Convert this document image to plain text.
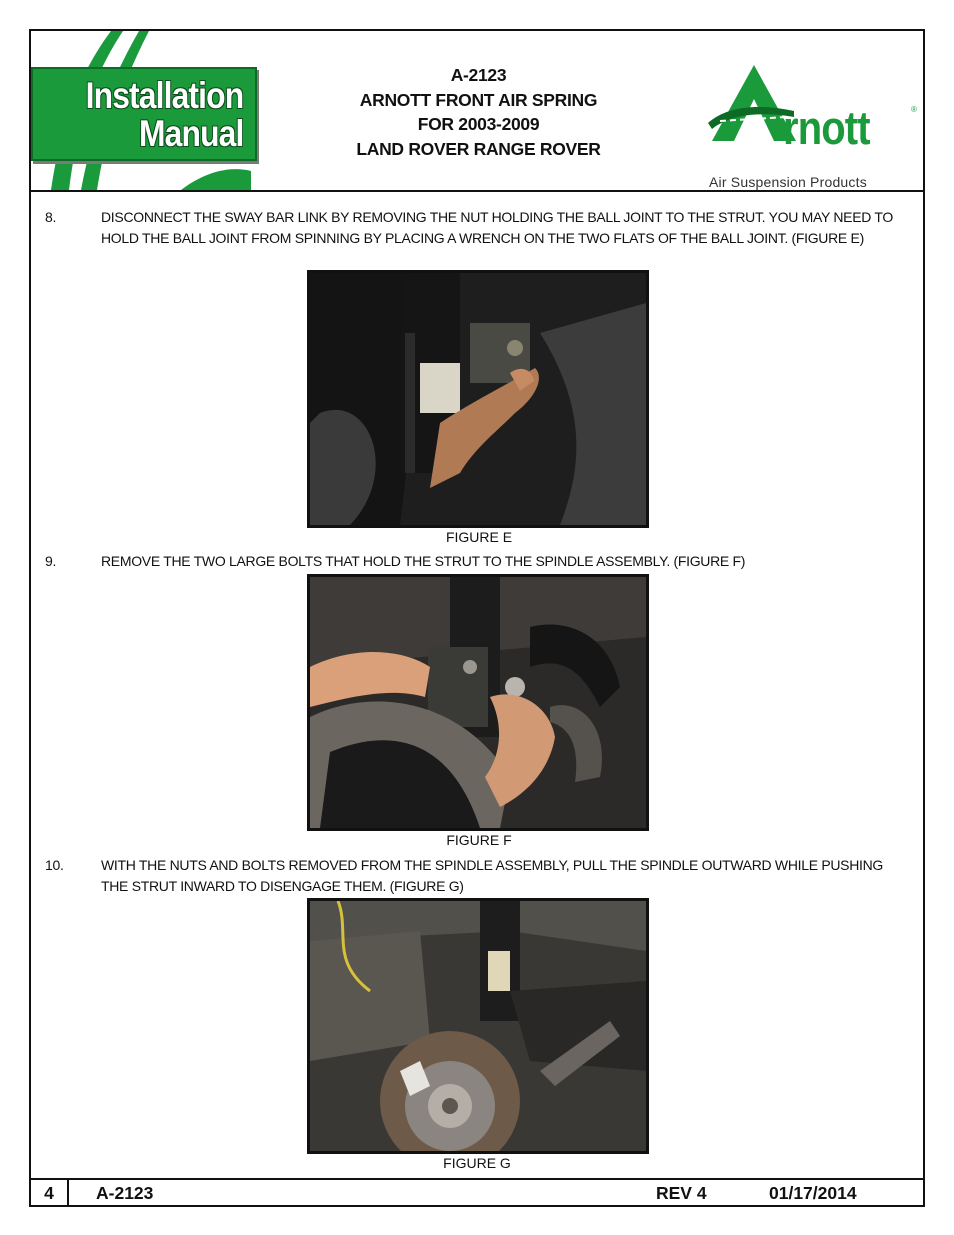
Installation
Manual
A-2123
ARNOTT FRONT AIR SPRING
FOR 2003-2009
LAND ROVER RANGE ROVER	rnott	®
Air Suspension Products
8.	DISCONNECT THE SWAY BAR LINK BY REMOVING THE NUT HOLDING THE BALL JOINT TO THE STRUT. YOU MAY NEED TO HOLD THE BALL JOINT FROM SPINNING BY PLACING A WRENCH ON THE TWO FLATS OF THE BALL JOINT. (FIGURE E)
FIGURE E
9.	REMOVE THE TWO LARGE BOLTS THAT HOLD THE STRUT TO THE SPINDLE ASSEMBLY. (FIGURE F)
FIGURE F
10.	WITH THE NUTS AND BOLTS REMOVED FROM THE SPINDLE ASSEMBLY, PULL THE SPINDLE OUTWARD WHILE PUSHING THE STRUT INWARD TO DISENGAGE THEM. (FIGURE G)
FIGURE G
4	A-2123	REV 4	01/17/2014
